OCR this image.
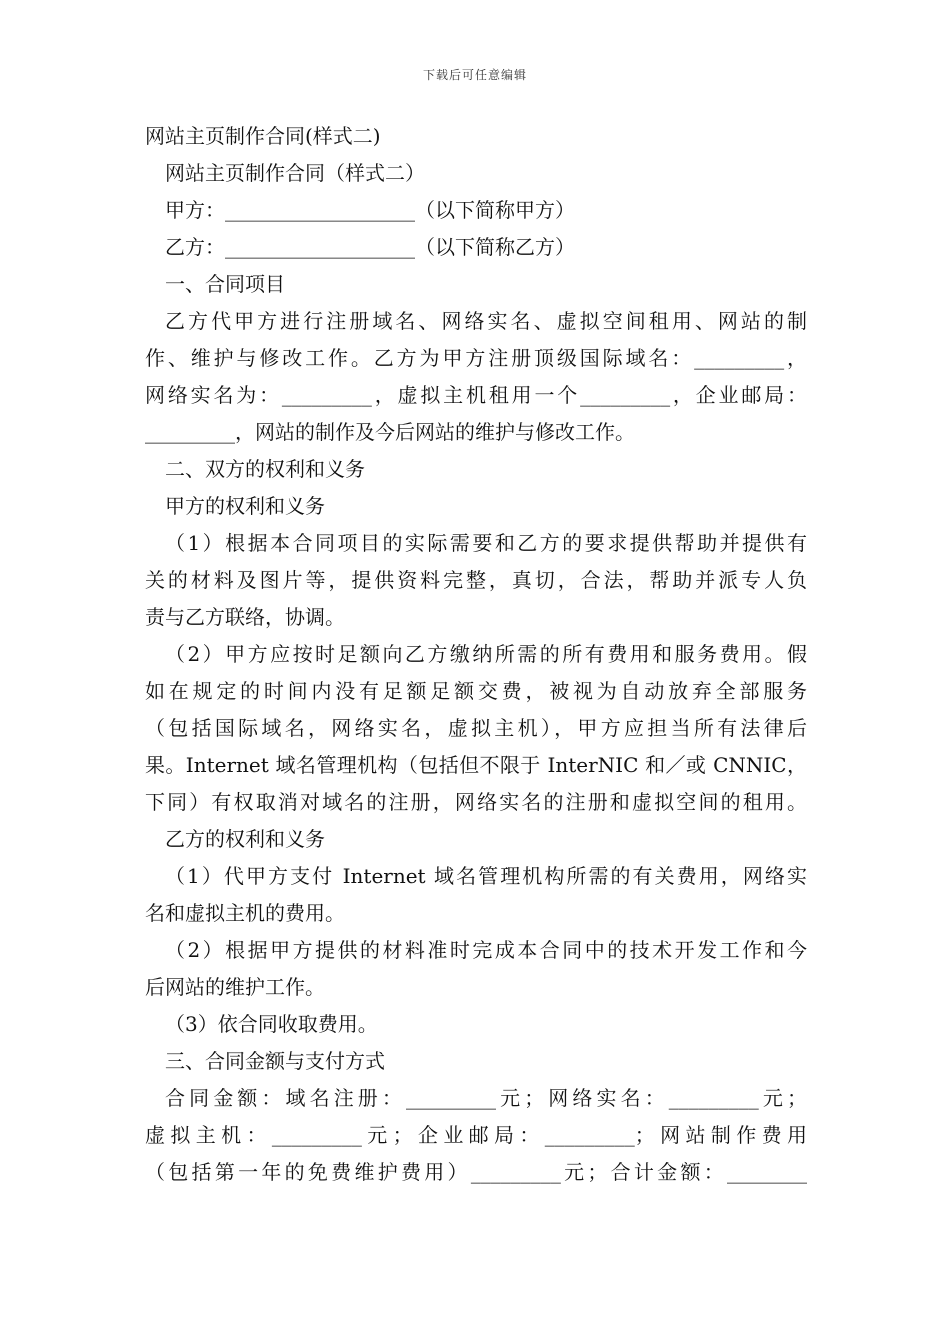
下载后可任意编辑
网站主页制作合同(样式二)
网站主页制作合同（样式二）
甲方：___________________（以下简称甲方）
乙方：___________________（以下简称乙方）
一、合同项目
乙方代甲方进行注册域名、网络实名、虚拟空间租用、网站的制
作、维护与修改工作。乙方为甲方注册顶级国际域名：_________，
网络实名为：_________，虚拟主机租用一个_________，企业邮局：
_________，网站的制作及今后网站的维护与修改工作。
二、双方的权利和义务
甲方的权利和义务
（1）根据本合同项目的实际需要和乙方的要求提供帮助并提供有
关的材料及图片等，提供资料完整，真切，合法，帮助并派专人负
责与乙方联络，协调。
（2）甲方应按时足额向乙方缴纳所需的所有费用和服务费用。假
如在规定的时间内没有足额足额交费，被视为自动放弃全部服务
（包括国际域名，网络实名，虚拟主机），甲方应担当所有法律后
果。Internet 域名管理机构（包括但不限于 InterNIC 和／或 CNNIC，
下同）有权取消对域名的注册，网络实名的注册和虚拟空间的租用。
乙方的权利和义务
（1）代甲方支付 Internet 域名管理机构所需的有关费用，网络实
名和虚拟主机的费用。
（2）根据甲方提供的材料准时完成本合同中的技术开发工作和今
后网站的维护工作。
（3）依合同收取费用。
三、合同金额与支付方式
合同金额：域名注册：_________元；网络实名：_________元；
虚拟主机：_________元；企业邮局：_________；网站制作费用
（包括第一年的免费维护费用）_________元；合计金额：________
